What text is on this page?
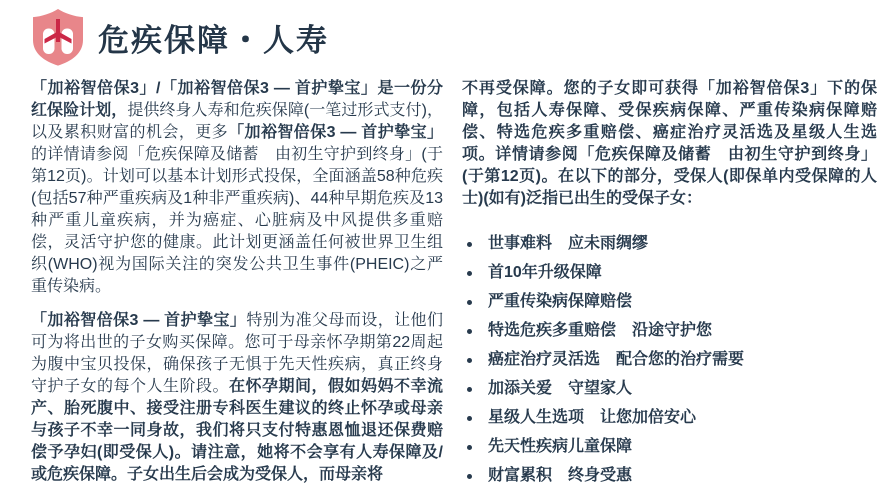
危疾保障・人寿

「加裕智倍保3」/「加裕智倍保3 — 首护挚宝」是一份分红保险计划，提供终身人寿和危疾保障(一笔过形式支付)，以及累积财富的机会，更多「加裕智倍保3 — 首护挚宝」的详情请参阅「危疾保障及储蓄　由初生守护到终身」(于第12页)。计划可以基本计划形式投保，全面涵盖58种危疾(包括57种严重疾病及1种非严重疾病)、44种早期危疾及13种严重儿童疾病，并为癌症、心脏病及中风提供多重赔偿，灵活守护您的健康。此计划更涵盖任何被世界卫生组织(WHO)视为国际关注的突发公共卫生事件(PHEIC)之严重传染病。

「加裕智倍保3 — 首护挚宝」特别为准父母而设，让他们可为将出世的子女购买保障。您可于母亲怀孕期第22周起为腹中宝贝投保，确保孩子无惧于先天性疾病，真正终身守护子女的每个人生阶段。在怀孕期间，假如妈妈不幸流产、胎死腹中、接受注册专科医生建议的终止怀孕或母亲与孩子不幸一同身故，我们将只支付特惠恩恤退还保费赔偿予孕妇(即受保人)。请注意，她将不会享有人寿保障及/或危疾保障。子女出生后会成为受保人，而母亲将

不再受保障。您的子女即可获得「加裕智倍保3」下的保障，包括人寿保障、受保疾病保障、严重传染病保障赔偿、特选危疾多重赔偿、癌症治疗灵活选及星级人生选项。详情请参阅「危疾保障及储蓄　由初生守护到终身」(于第12页)。在以下的部分，受保人(即保单内受保障的人士)(如有)泛指已出生的受保子女：

世事难料　应未雨绸缪
首10年升级保障
严重传染病保障赔偿
特选危疾多重赔偿　沿途守护您
癌症治疗灵活选　配合您的治疗需要
加添关爱　守望家人
星级人生选项　让您加倍安心
先天性疾病儿童保障
财富累积　终身受惠
